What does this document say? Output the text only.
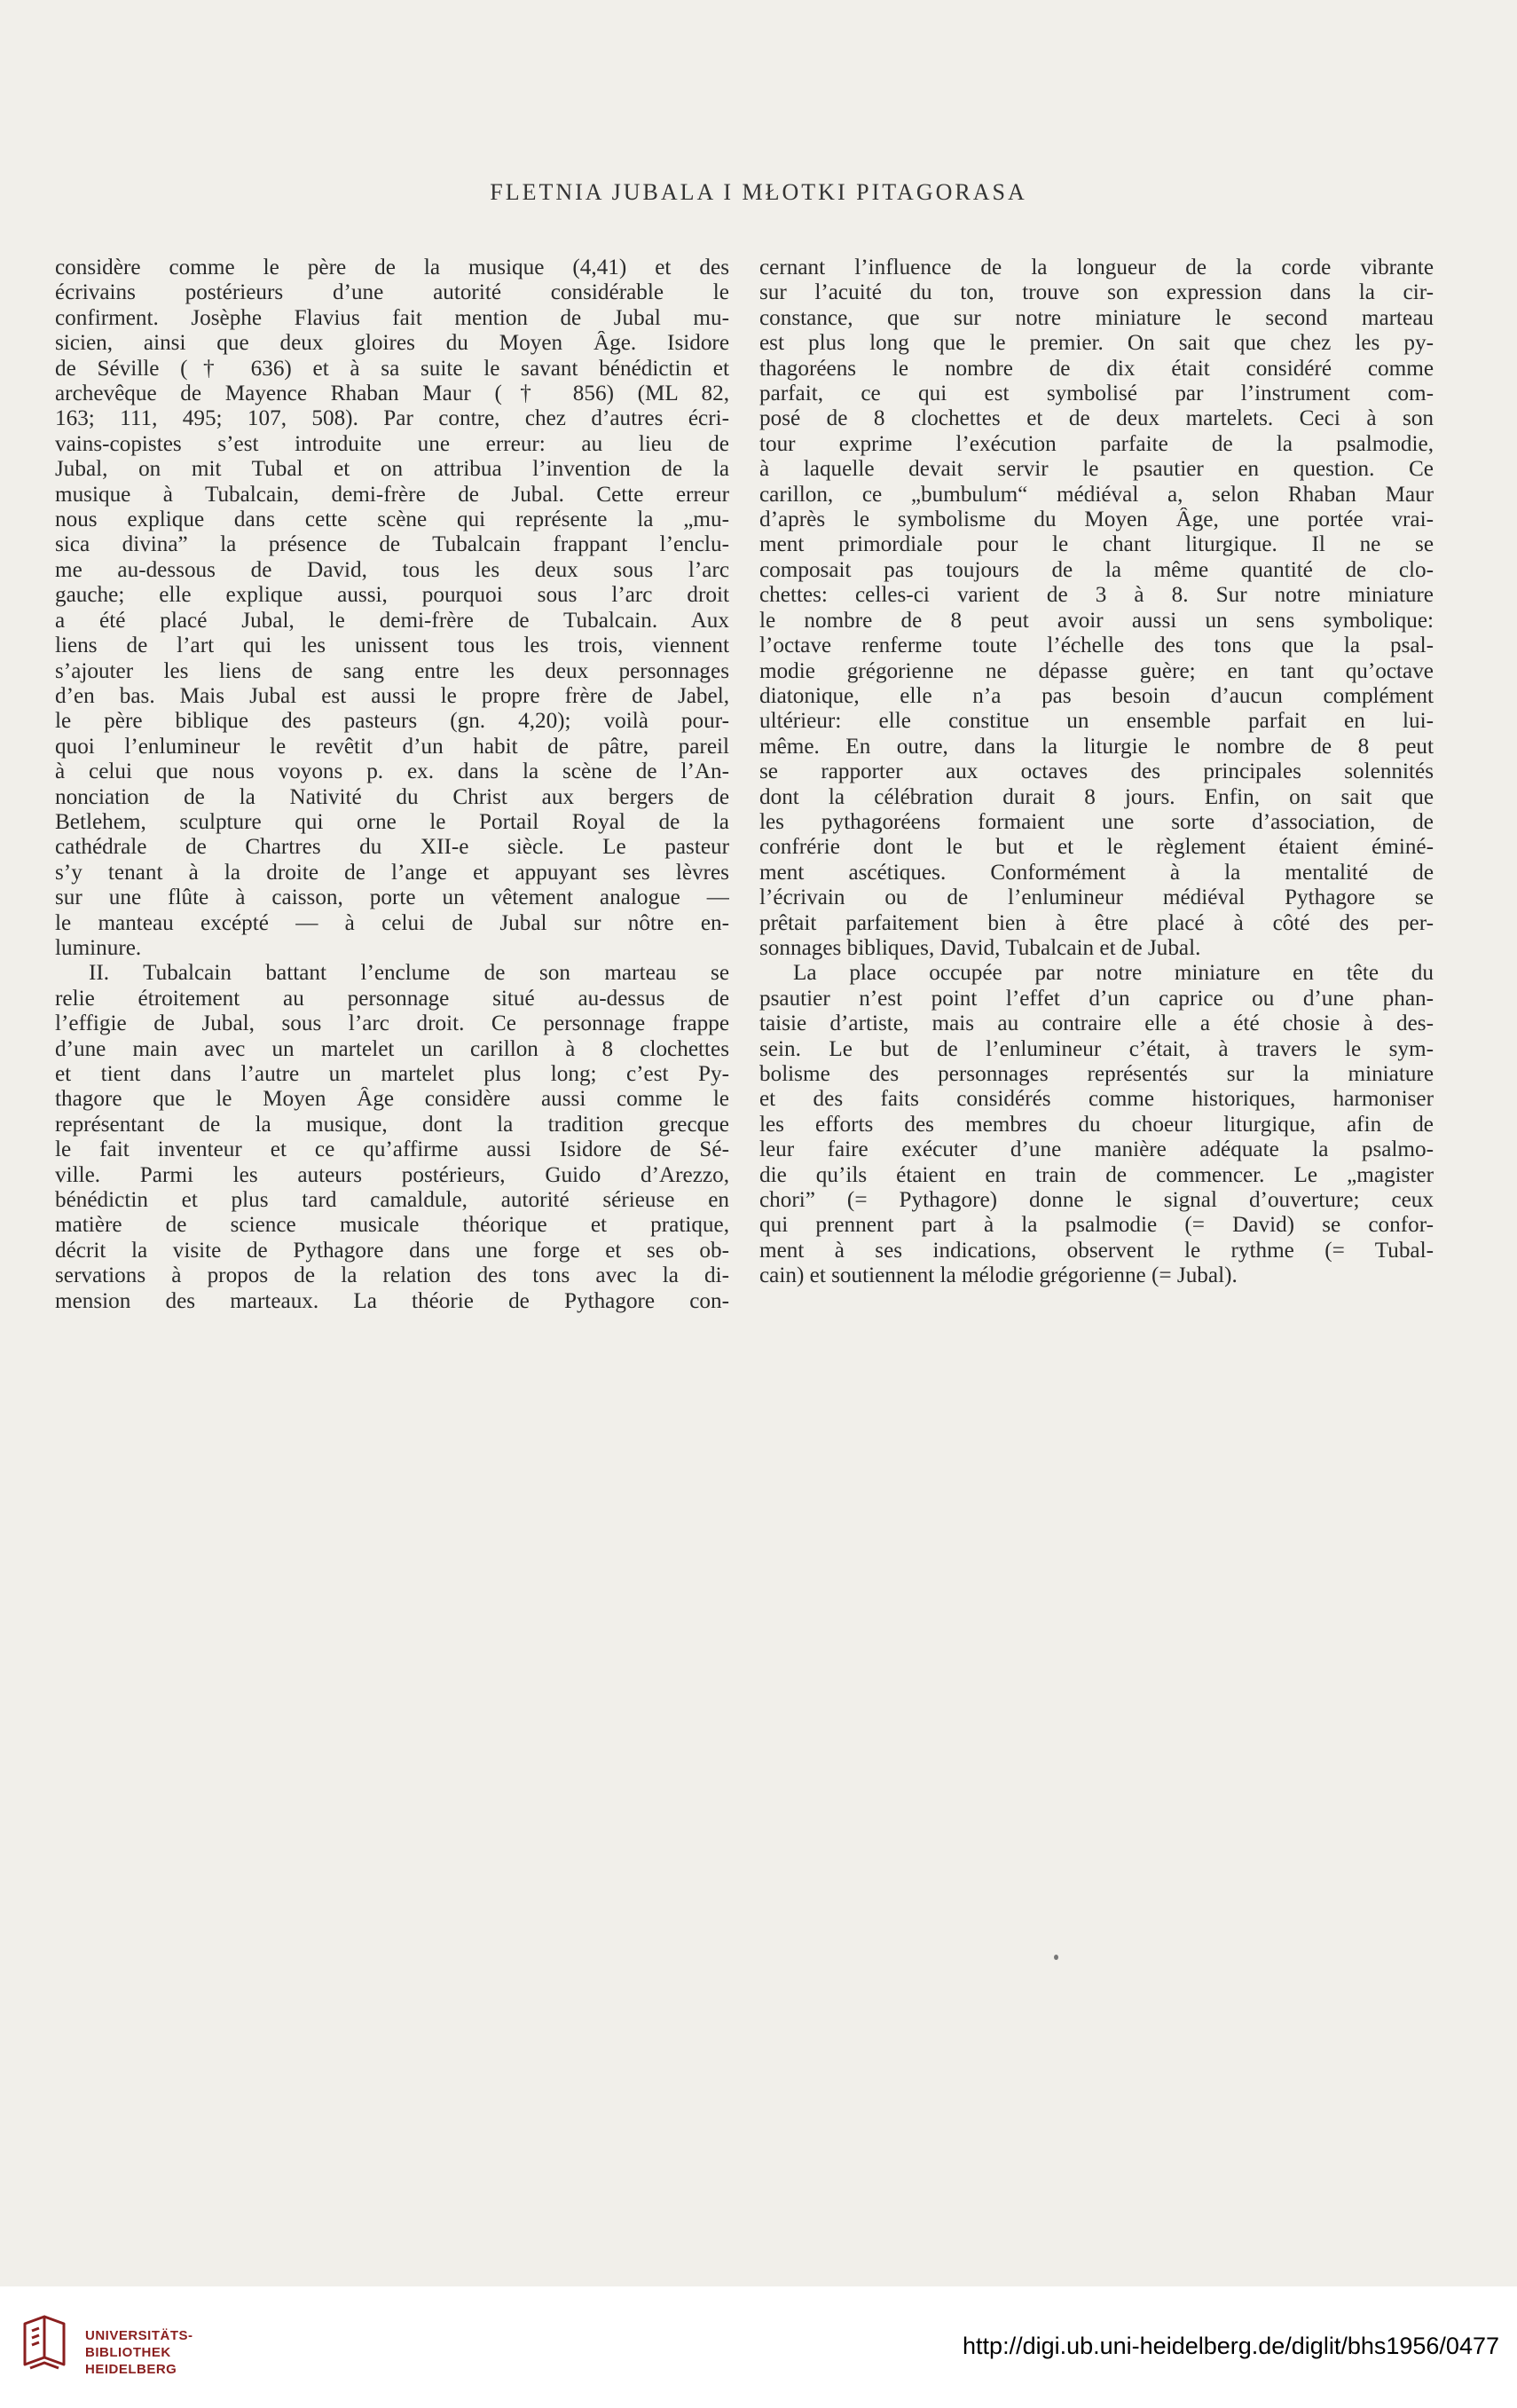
FLETNIA JUBALA I MŁOTKI PITAGORASA

considère comme le père de la musique (4,41) et des

écrivains postérieurs d’une autorité considérable le

confirment. Josèphe Flavius fait mention de Jubal mu-

sicien, ainsi que deux gloires du Moyen Âge. Isidore

de Séville († 636) et à sa suite le savant bénédictin et

archevêque de Mayence Rhaban Maur († 856) (ML 82,

163; 111, 495; 107, 508). Par contre, chez d’autres écri-

vains-copistes s’est introduite une erreur: au lieu de

Jubal, on mit Tubal et on attribua l’invention de la

musique à Tubalcain, demi-frère de Jubal. Cette erreur

nous explique dans cette scène qui représente la „mu-

sica divina” la présence de Tubalcain frappant l’enclu-

me au-dessous de David, tous les deux sous l’arc

gauche; elle explique aussi, pourquoi sous l’arc droit

a été placé Jubal, le demi-frère de Tubalcain. Aux

liens de l’art qui les unissent tous les trois, viennent

s’ajouter les liens de sang entre les deux personnages

d’en bas. Mais Jubal est aussi le propre frère de Jabel,

le père biblique des pasteurs (gn. 4,20); voilà pour-

quoi l’enlumineur le revêtit d’un habit de pâtre, pareil

à celui que nous voyons p. ex. dans la scène de l’An-

nonciation de la Nativité du Christ aux bergers de

Betlehem, sculpture qui orne le Portail Royal de la

cathédrale de Chartres du XII-e siècle. Le pasteur

s’y tenant à la droite de l’ange et appuyant ses lèvres

sur une flûte à caisson, porte un vêtement analogue —

le manteau excépté — à celui de Jubal sur nôtre en-

luminure.

II. Tubalcain battant l’enclume de son marteau se

relie étroitement au personnage situé au-dessus de

l’effigie de Jubal, sous l’arc droit. Ce personnage frappe

d’une main avec un martelet un carillon à 8 clochettes

et tient dans l’autre un martelet plus long; c’est Py-

thagore que le Moyen Âge considère aussi comme le

représentant de la musique, dont la tradition grecque

le fait inventeur et ce qu’affirme aussi Isidore de Sé-

ville. Parmi les auteurs postérieurs, Guido d’Arezzo,

bénédictin et plus tard camaldule, autorité sérieuse en

matière de science musicale théorique et pratique,

décrit la visite de Pythagore dans une forge et ses ob-

servations à propos de la relation des tons avec la di-

mension des marteaux. La théorie de Pythagore con-

cernant l’influence de la longueur de la corde vibrante

sur l’acuité du ton, trouve son expression dans la cir-

constance, que sur notre miniature le second marteau

est plus long que le premier. On sait que chez les py-

thagoréens le nombre de dix était considéré comme

parfait, ce qui est symbolisé par l’instrument com-

posé de 8 clochettes et de deux martelets. Ceci à son

tour exprime l’exécution parfaite de la psalmodie,

à laquelle devait servir le psautier en question. Ce

carillon, ce „bumbulum“ médiéval a, selon Rhaban Maur

d’après le symbolisme du Moyen Âge, une portée vrai-

ment primordiale pour le chant liturgique. Il ne se

composait pas toujours de la même quantité de clo-

chettes: celles-ci varient de 3 à 8. Sur notre miniature

le nombre de 8 peut avoir aussi un sens symbolique:

l’octave renferme toute l’échelle des tons que la psal-

modie grégorienne ne dépasse guère; en tant qu’octave

diatonique, elle n’a pas besoin d’aucun complément

ultérieur: elle constitue un ensemble parfait en lui-

même. En outre, dans la liturgie le nombre de 8 peut

se rapporter aux octaves des principales solennités

dont la célébration durait 8 jours. Enfin, on sait que

les pythagoréens formaient une sorte d’association, de

confrérie dont le but et le règlement étaient éminé-

ment ascétiques. Conformément à la mentalité de

l’écrivain ou de l’enlumineur médiéval Pythagore se

prêtait parfaitement bien à être placé à côté des per-

sonnages bibliques, David, Tubalcain et de Jubal.

La place occupée par notre miniature en tête du

psautier n’est point l’effet d’un caprice ou d’une phan-

taisie d’artiste, mais au contraire elle a été chosie à des-

sein. Le but de l’enlumineur c’était, à travers le sym-

bolisme des personnages représentés sur la miniature

et des faits considérés comme historiques, harmoniser

les efforts des membres du choeur liturgique, afin de

leur faire exécuter d’une manière adéquate la psalmo-

die qu’ils étaient en train de commencer. Le „magister

chori” (= Pythagore) donne le signal d’ouverture; ceux

qui prennent part à la psalmodie (= David) se confor-

ment à ses indications, observent le rythme (= Tubal-

cain) et soutiennent la mélodie grégorienne (= Jubal).

UNIVERSITÄTS-
BIBLIOTHEK
HEIDELBERG
http://digi.ub.uni-heidelberg.de/diglit/bhs1956/0477
